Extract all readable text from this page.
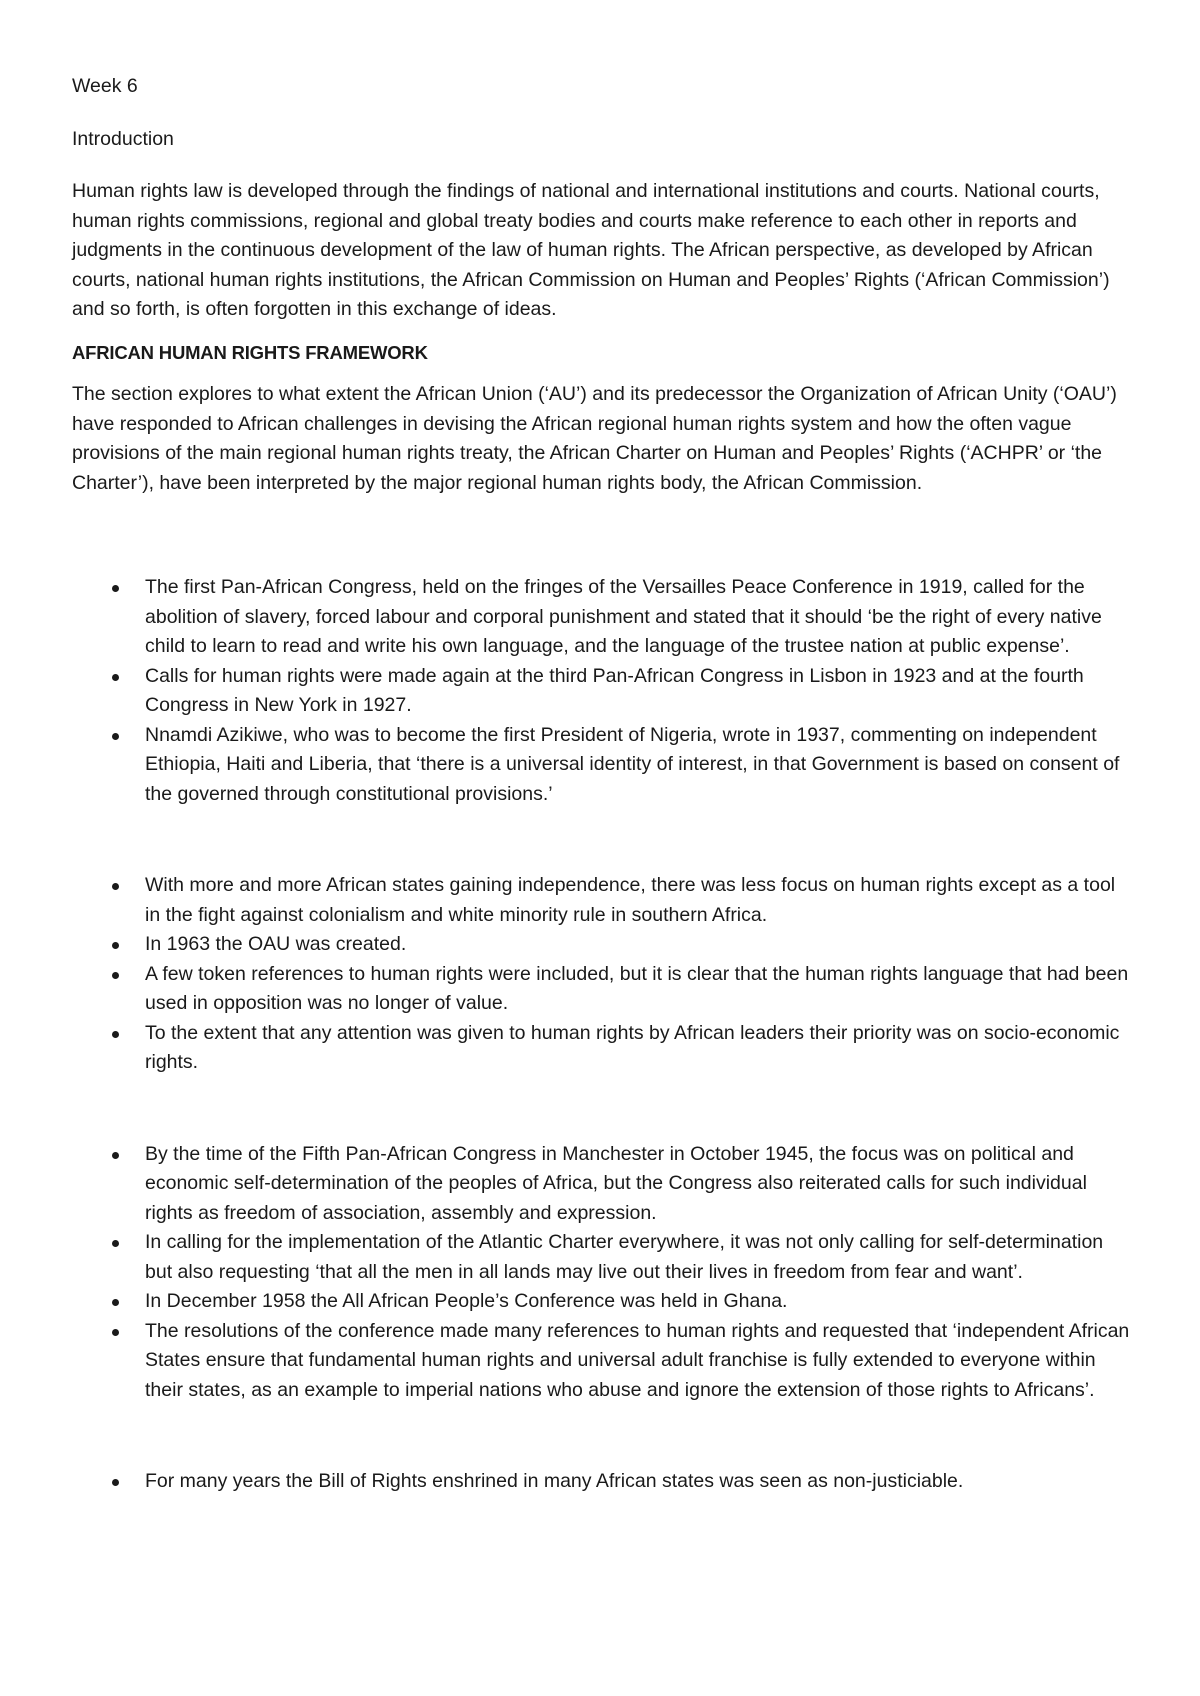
Week 6

Introduction

Human rights law is developed through the findings of national and international institutions and courts. National courts, human rights commissions, regional and global treaty bodies and courts make reference to each other in reports and judgments in the continuous development of the law of human rights. The African perspective, as developed by African courts, national human rights institutions, the African Commission on Human and Peoples’ Rights (‘African Commission’) and so forth, is often forgotten in this exchange of ideas.

AFRICAN HUMAN RIGHTS FRAMEWORK

The section explores to what extent the African Union (‘AU’) and its predecessor the Organization of African Unity (‘OAU’) have responded to African challenges in devising the African regional human rights system and how the often vague provisions of the main regional human rights treaty, the African Charter on Human and Peoples’ Rights (‘ACHPR’ or ‘the Charter’), have been interpreted by the major regional human rights body, the African Commission.

The first Pan-African Congress, held on the fringes of the Versailles Peace Conference in 1919, called for the abolition of slavery, forced labour and corporal punishment and stated that it should ‘be the right of every native child to learn to read and write his own language, and the language of the trustee nation at public expense’.
Calls for human rights were made again at the third Pan-African Congress in Lisbon in 1923 and at the fourth Congress in New York in 1927.
Nnamdi Azikiwe, who was to become the first President of Nigeria, wrote in 1937, commenting on independent Ethiopia, Haiti and Liberia, that ‘there is a universal identity of interest, in that Government is based on consent of the governed through constitutional provisions.’
With more and more African states gaining independence, there was less focus on human rights except as a tool in the fight against colonialism and white minority rule in southern Africa.
In 1963 the OAU was created.
A few token references to human rights were included, but it is clear that the human rights language that had been used in opposition was no longer of value.
To the extent that any attention was given to human rights by African leaders their priority was on socio-economic rights.
By the time of the Fifth Pan-African Congress in Manchester in October 1945, the focus was on political and economic self-determination of the peoples of Africa, but the Congress also reiterated calls for such individual rights as freedom of association, assembly and expression.
In calling for the implementation of the Atlantic Charter everywhere, it was not only calling for self-determination but also requesting ‘that all the men in all lands may live out their lives in freedom from fear and want’.
In December 1958 the All African People’s Conference was held in Ghana.
The resolutions of the conference made many references to human rights and requested that ‘independent African States ensure that fundamental human rights and universal adult franchise is fully extended to everyone within their states, as an example to imperial nations who abuse and ignore the extension of those rights to Africans’.
For many years the Bill of Rights enshrined in many African states was seen as non-justiciable.
